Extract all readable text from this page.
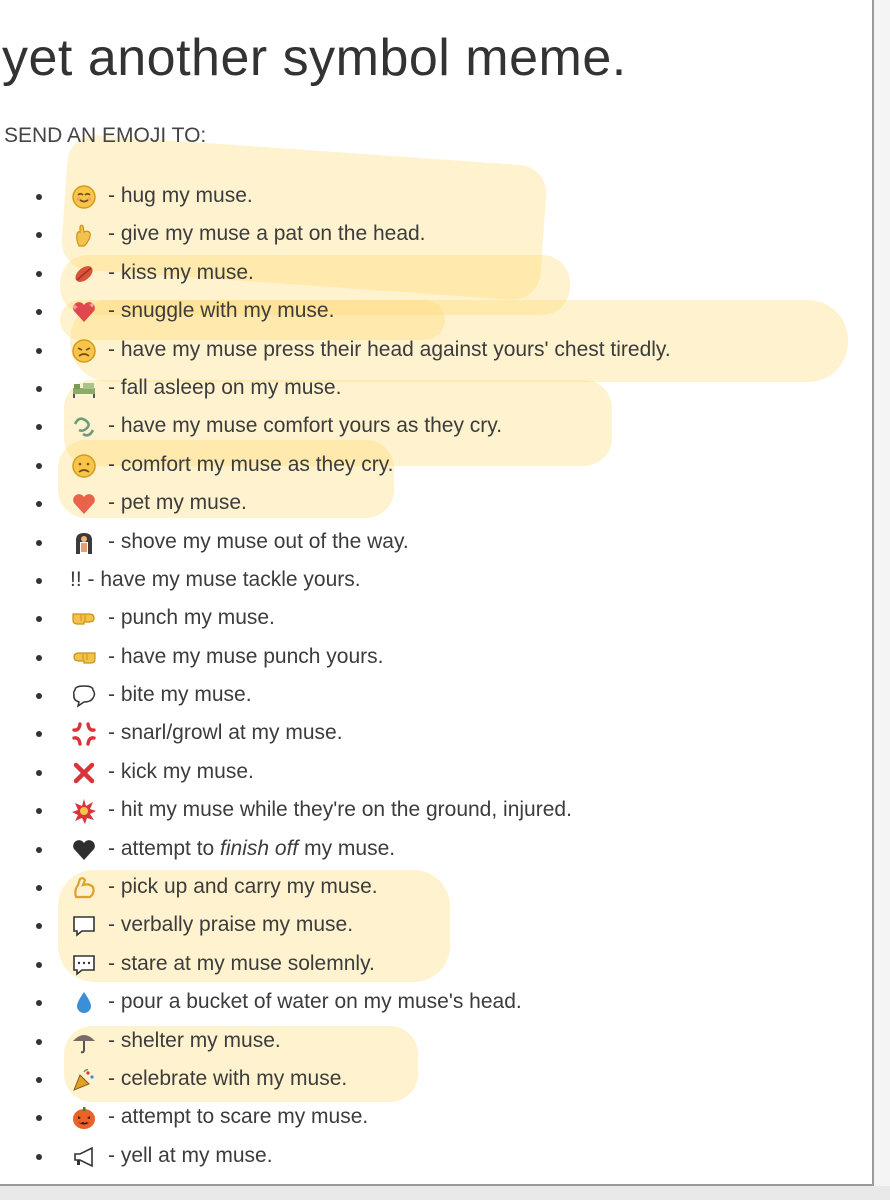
yet another symbol meme.
SEND AN EMOJI TO:
- hug my muse.
- give my muse a pat on the head.
- kiss my muse.
- snuggle with my muse.
- have my muse press their head against yours' chest tiredly.
- fall asleep on my muse.
- have my muse comfort yours as they cry.
- comfort my muse as they cry.
- pet my muse.
- shove my muse out of the way.
!! - have my muse tackle yours.
- punch my muse.
- have my muse punch yours.
- bite my muse.
- snarl/growl at my muse.
- kick my muse.
- hit my muse while they're on the ground, injured.
- attempt to finish off my muse.
- pick up and carry my muse.
- verbally praise my muse.
- stare at my muse solemnly.
- pour a bucket of water on my muse's head.
- shelter my muse.
- celebrate with my muse.
- attempt to scare my muse.
- yell at my muse.
